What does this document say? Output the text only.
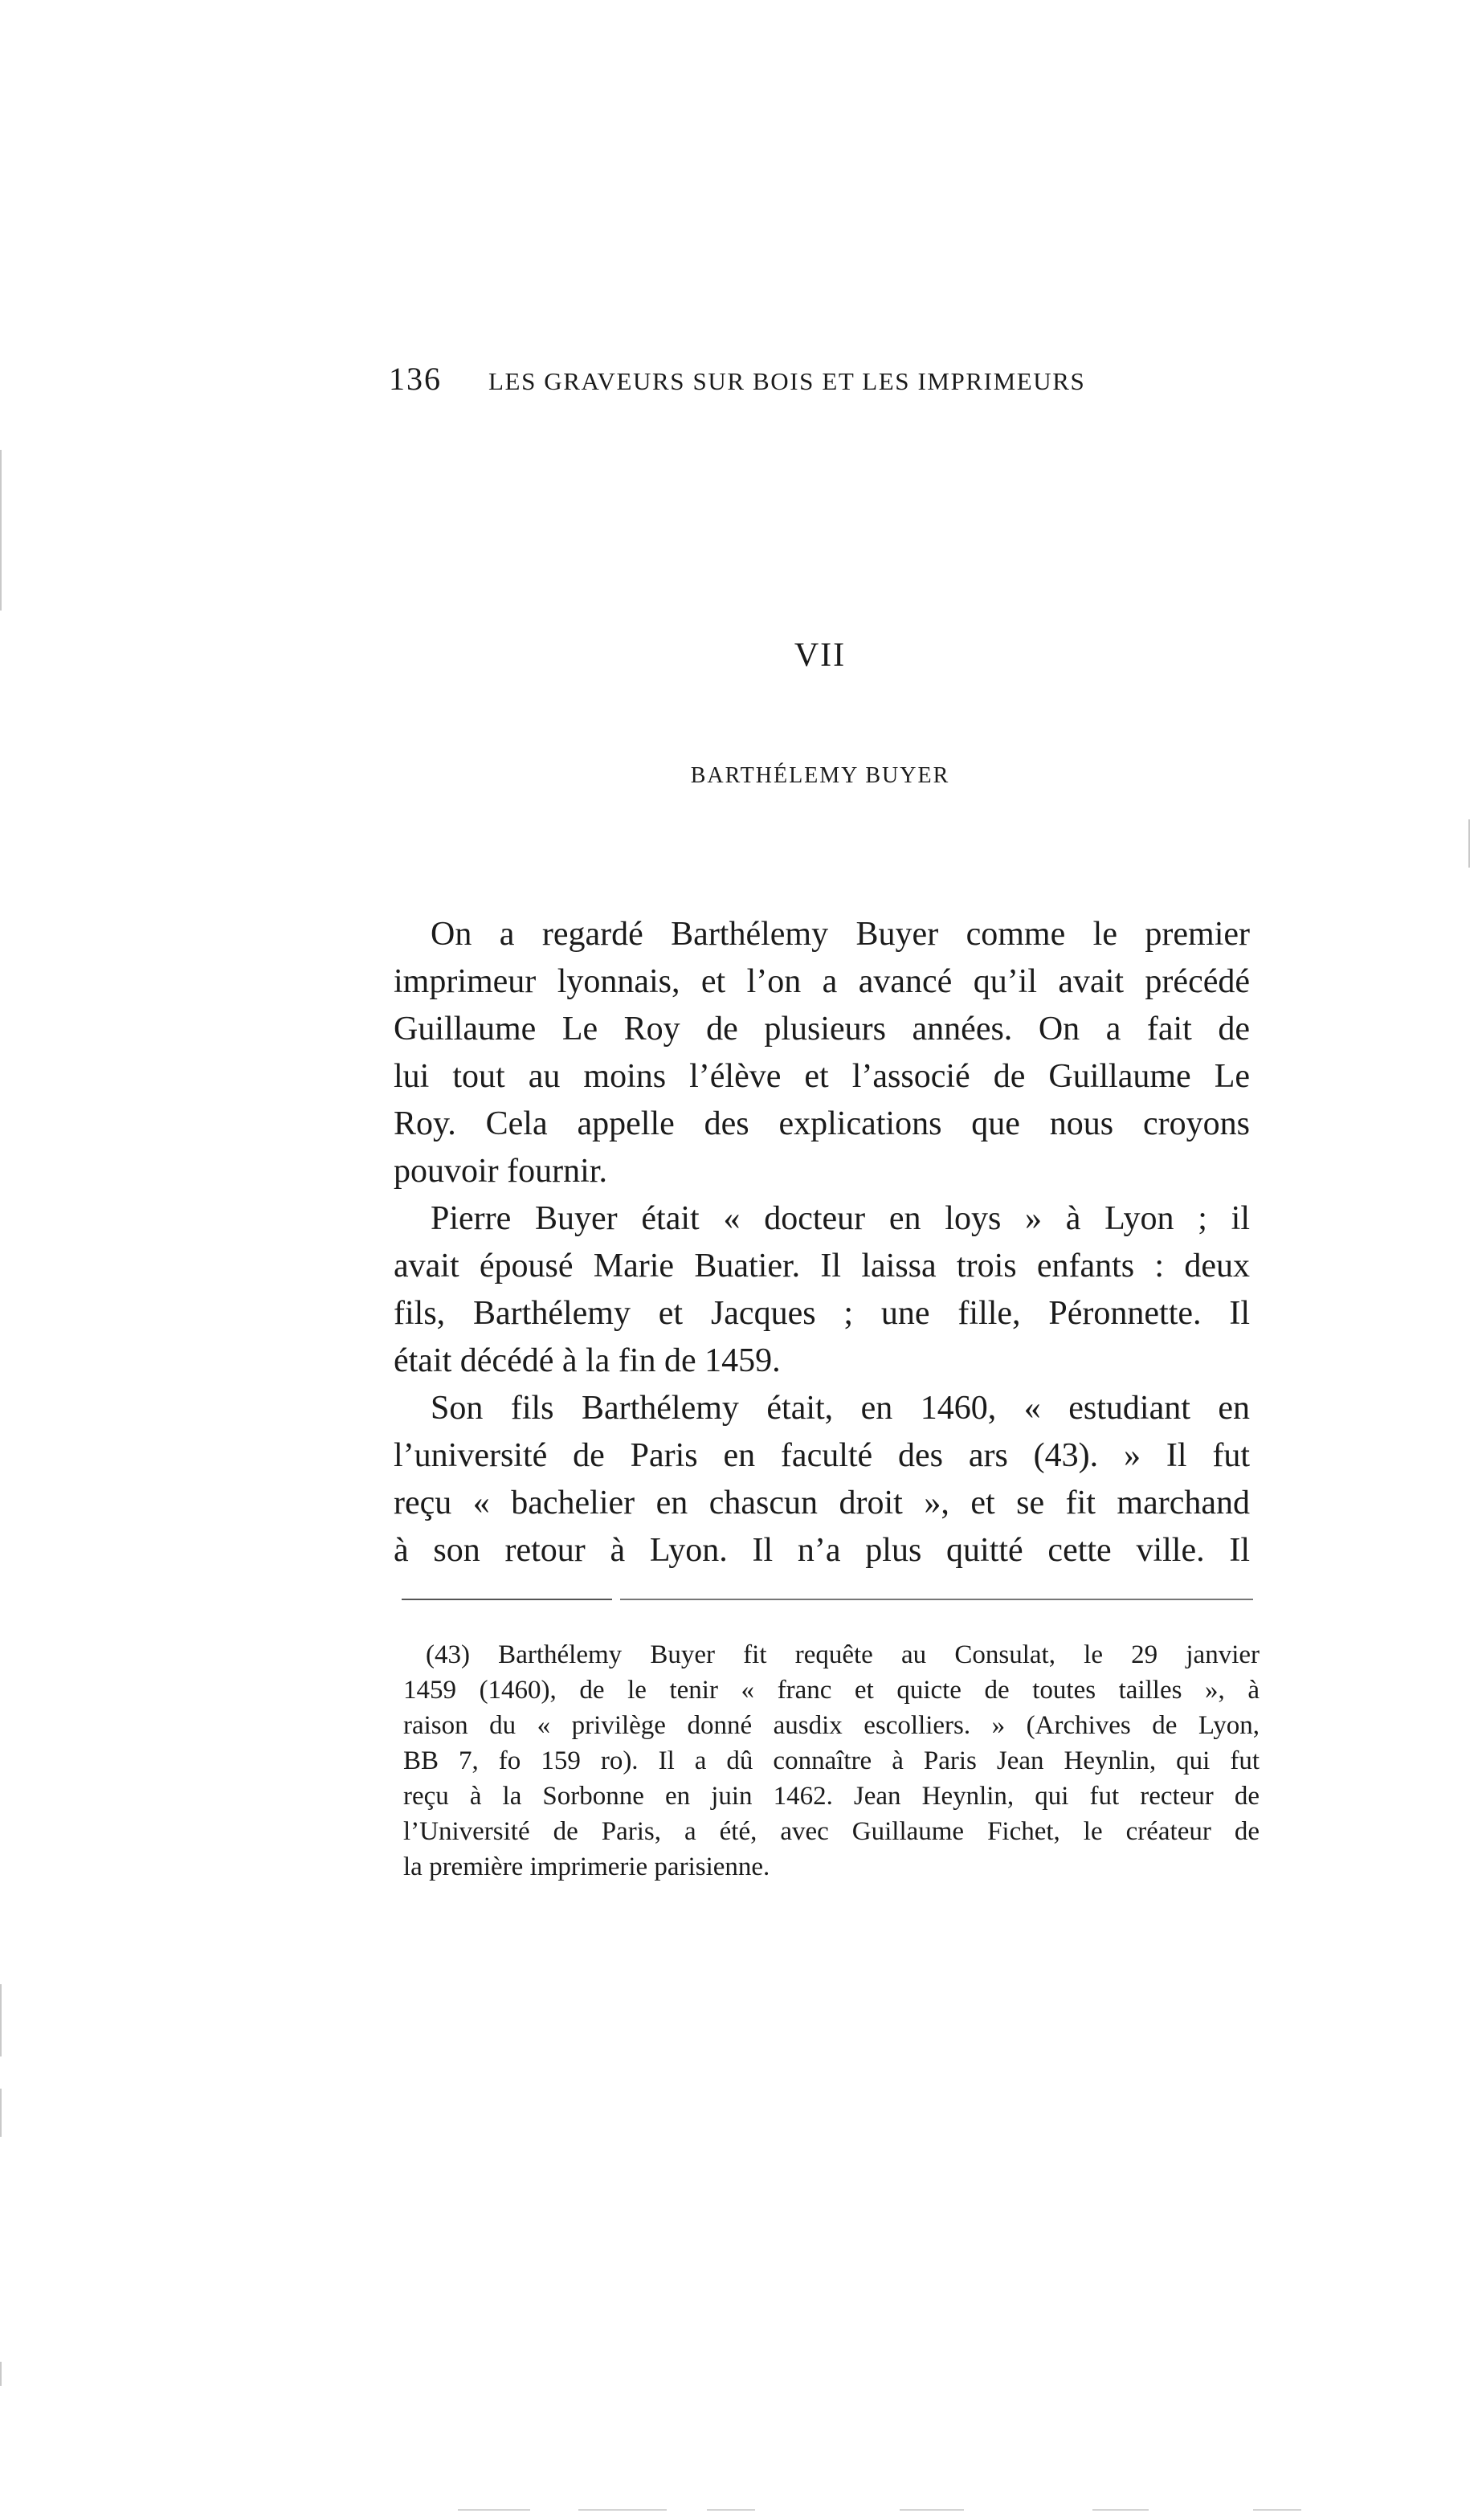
136 LES GRAVEURS SUR BOIS ET LES IMPRIMEURS
VII
BARTHÉLEMY BUYER
On a regardé Barthélemy Buyer comme le premier
imprimeur lyonnais, et l’on a avancé qu’il avait précédé
Guillaume Le Roy de plusieurs années. On a fait de
lui tout au moins l’élève et l’associé de Guillaume Le
Roy. Cela appelle des explications que nous croyons
pouvoir fournir.
Pierre Buyer était « docteur en loys » à Lyon ; il
avait épousé Marie Buatier. Il laissa trois enfants : deux
fils, Barthélemy et Jacques ; une fille, Péronnette. Il
était décédé à la fin de 1459.
Son fils Barthélemy était, en 1460, « estudiant en
l’université de Paris en faculté des ars (43). » Il fut
reçu « bachelier en chascun droit », et se fit marchand
à son retour à Lyon. Il n’a plus quitté cette ville. Il
(43) Barthélemy Buyer fit requête au Consulat, le 29 janvier
1459 (1460), de le tenir « franc et quicte de toutes tailles », à
raison du « privilège donné ausdix escolliers. » (Archives de Lyon,
BB 7, fo 159 ro). Il a dû connaître à Paris Jean Heynlin, qui fut
reçu à la Sorbonne en juin 1462. Jean Heynlin, qui fut recteur de
l’Université de Paris, a été, avec Guillaume Fichet, le créateur de
la première imprimerie parisienne.
